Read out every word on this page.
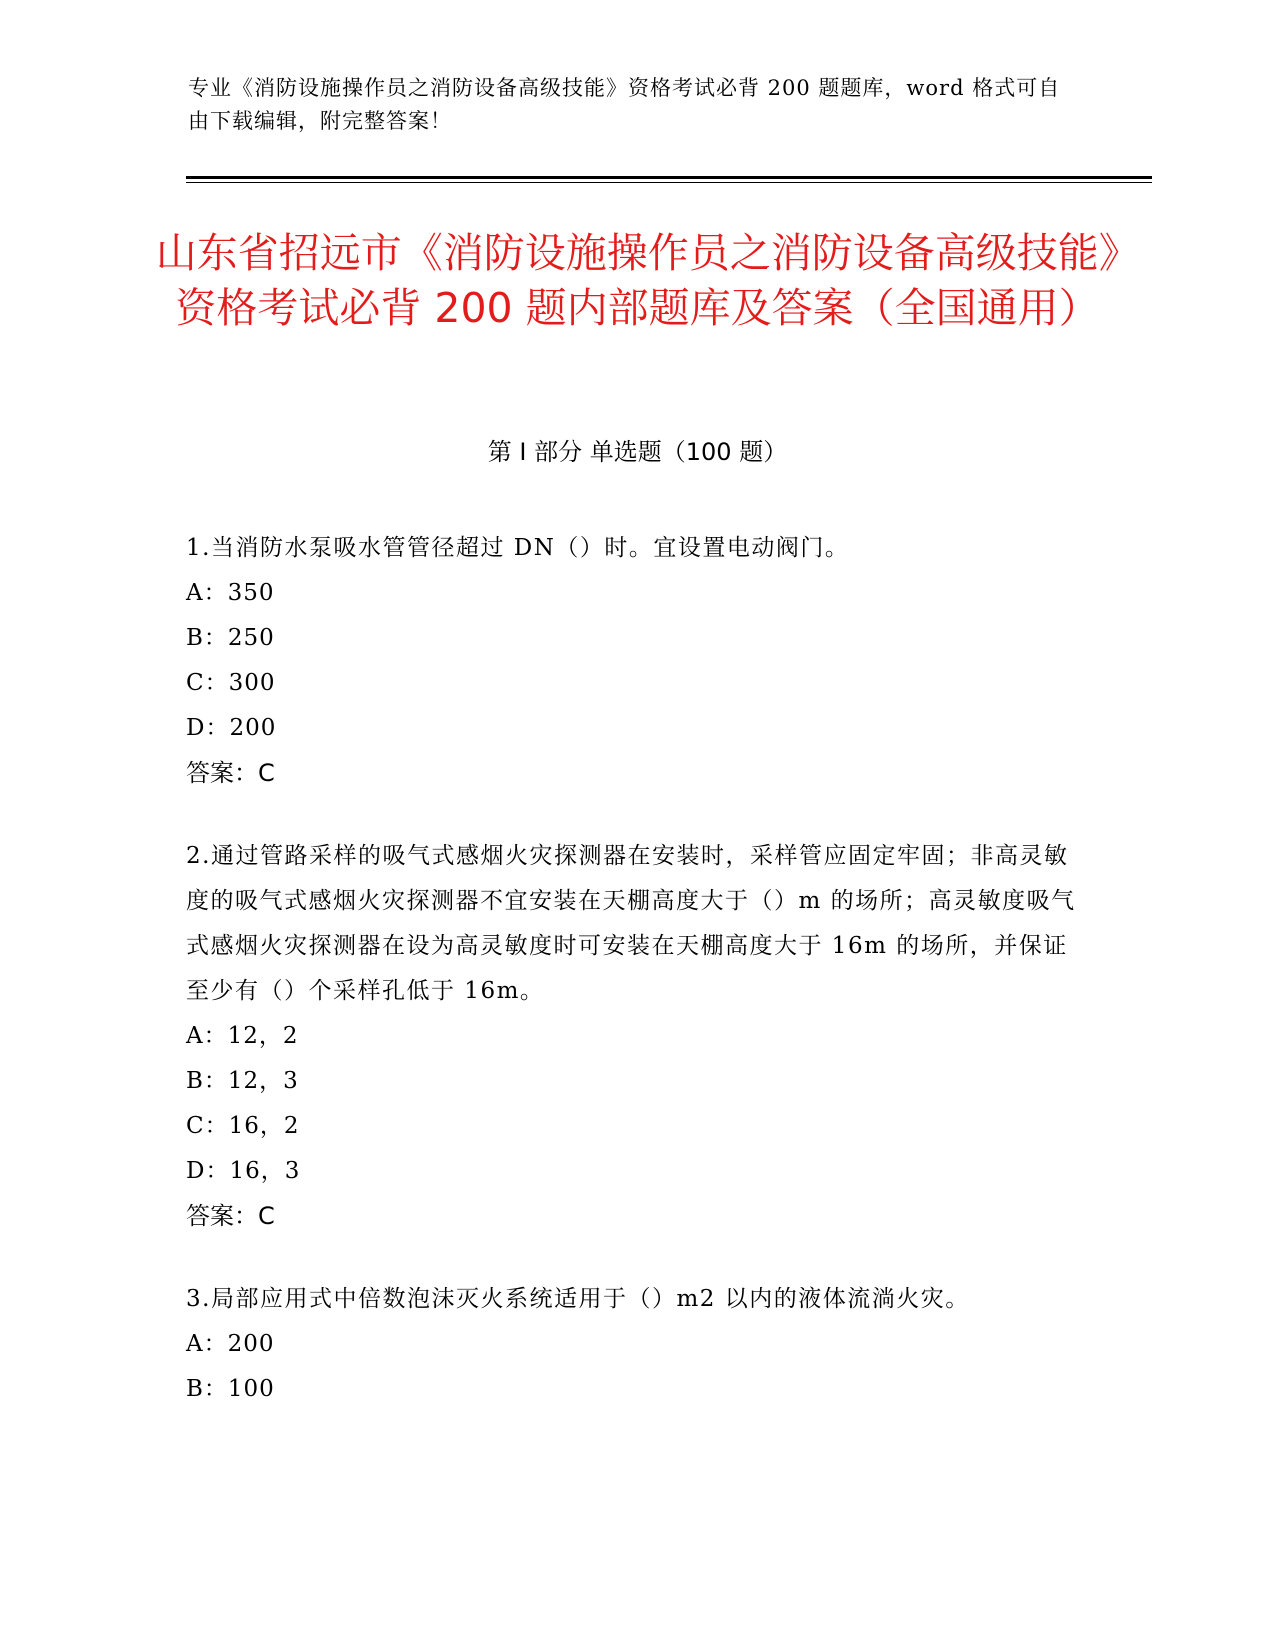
专业《消防设施操作员之消防设备高级技能》资格考试必背 200 题题库，word 格式可自由下载编辑，附完整答案！
山东省招远市《消防设施操作员之消防设备高级技能》资格考试必背 200 题内部题库及答案（全国通用）
第 I 部分 单选题（100 题）
1.当消防水泵吸水管管径超过 DN（）时。宜设置电动阀门。
A：350
B：250
C：300
D：200
答案：C
2.通过管路采样的吸气式感烟火灾探测器在安装时，采样管应固定牢固；非高灵敏度的吸气式感烟火灾探测器不宜安装在天棚高度大于（）m 的场所；高灵敏度吸气式感烟火灾探测器在设为高灵敏度时可安装在天棚高度大于 16m 的场所，并保证至少有（）个采样孔低于 16m。
A：12，2
B：12，3
C：16，2
D：16，3
答案：C
3.局部应用式中倍数泡沫灭火系统适用于（）m2 以内的液体流淌火灾。
A：200
B：100
